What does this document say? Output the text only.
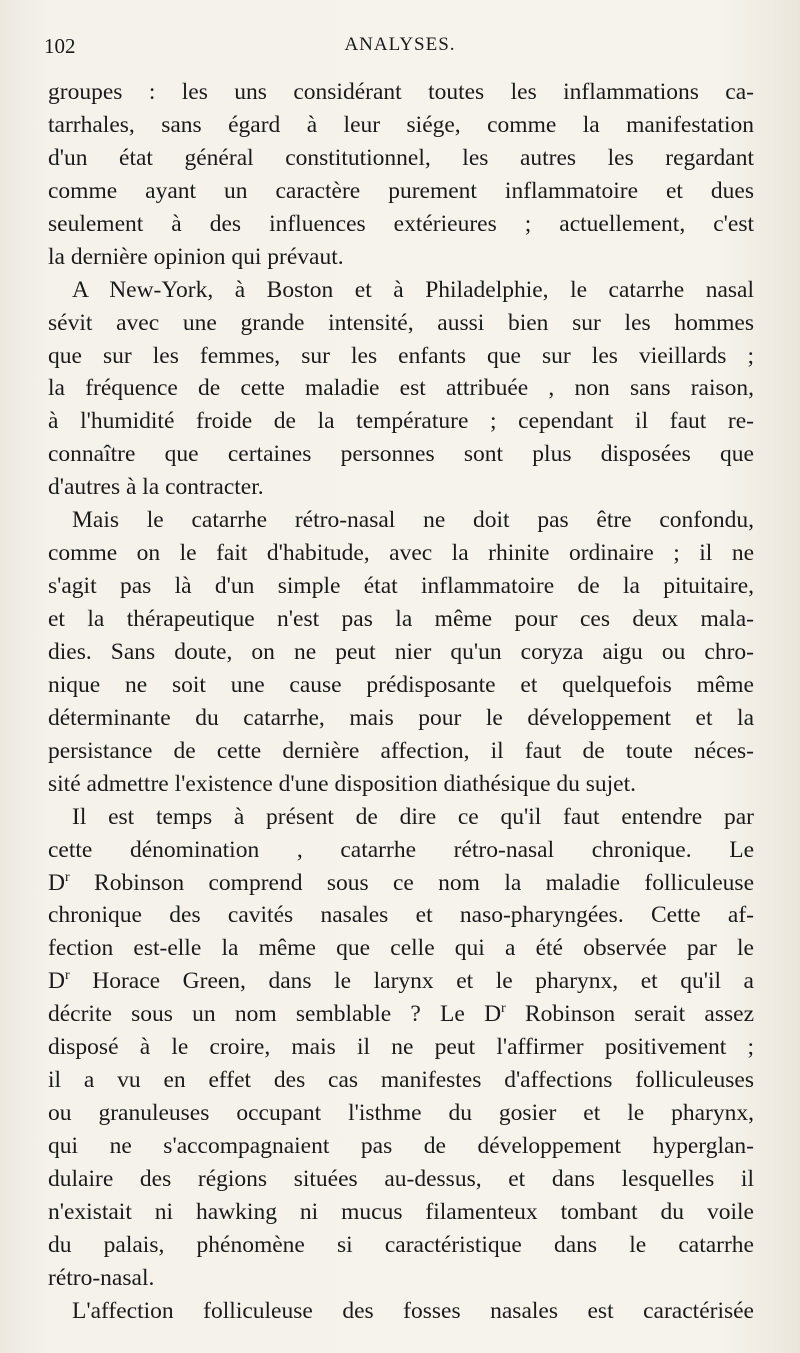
102	ANALYSES.
groupes : les uns considérant toutes les inflammations ca-
tarrhales, sans égard à leur siége, comme la manifestation
d'un état général constitutionnel, les autres les regardant
comme ayant un caractère purement inflammatoire et dues
seulement à des influences extérieures ; actuellement, c'est
la dernière opinion qui prévaut.
A New-York, à Boston et à Philadelphie, le catarrhe nasal
sévit avec une grande intensité, aussi bien sur les hommes
que sur les femmes, sur les enfants que sur les vieillards ;
la fréquence de cette maladie est attribuée , non sans raison,
à l'humidité froide de la température ; cependant il faut re-
connaître que certaines personnes sont plus disposées que
d'autres à la contracter.
Mais le catarrhe rétro-nasal ne doit pas être confondu,
comme on le fait d'habitude, avec la rhinite ordinaire ; il ne
s'agit pas là d'un simple état inflammatoire de la pituitaire,
et la thérapeutique n'est pas la même pour ces deux mala-
dies. Sans doute, on ne peut nier qu'un coryza aigu ou chro-
nique ne soit une cause prédisposante et quelquefois même
déterminante du catarrhe, mais pour le développement et la
persistance de cette dernière affection, il faut de toute néces-
sité admettre l'existence d'une disposition diathésique du sujet.
Il est temps à présent de dire ce qu'il faut entendre par
cette dénomination , catarrhe rétro-nasal chronique. Le
$D^r$ Robinson comprend sous ce nom la maladie folliculeuse
chronique des cavités nasales et naso-pharyngées. Cette af-
fection est-elle la même que celle qui a été observée par le
$D^r$ Horace Green, dans le larynx et le pharynx, et qu'il a
décrite sous un nom semblable ? Le $D^r$ Robinson serait assez
disposé à le croire, mais il ne peut l'affirmer positivement ;
il a vu en effet des cas manifestes d'affections folliculeuses
ou granuleuses occupant l'isthme du gosier et le pharynx,
qui ne s'accompagnaient pas de développement hyperglan-
dulaire des régions situées au-dessus, et dans lesquelles il
n'existait ni hawking ni mucus filamenteux tombant du voile
du palais, phénomène si caractéristique dans le catarrhe
rétro-nasal.
L'affection folliculeuse des fosses nasales est caractérisée
